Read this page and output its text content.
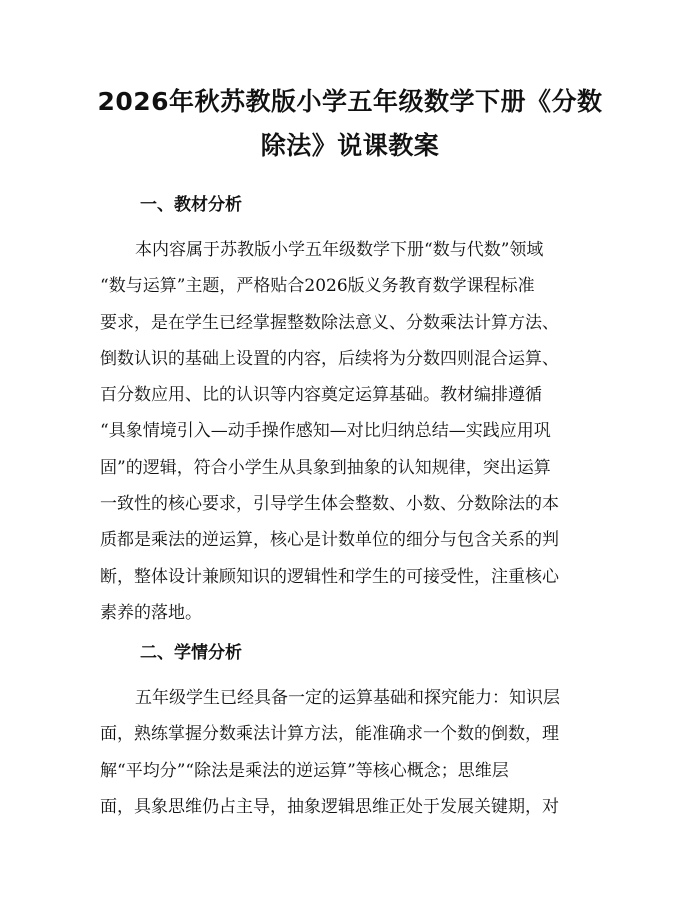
2026年秋苏教版小学五年级数学下册《分数
除法》说课教案
一、教材分析

本内容属于苏教版小学五年级数学下册“数与代数”领域
“数与运算”主题，严格贴合2026版义务教育数学课程标准
要求，是在学生已经掌握整数除法意义、分数乘法计算方法、
倒数认识的基础上设置的内容，后续将为分数四则混合运算、
百分数应用、比的认识等内容奠定运算基础。教材编排遵循
“具象情境引入—动手操作感知—对比归纳总结—实践应用巩
固”的逻辑，符合小学生从具象到抽象的认知规律，突出运算
一致性的核心要求，引导学生体会整数、小数、分数除法的本
质都是乘法的逆运算，核心是计数单位的细分与包含关系的判
断，整体设计兼顾知识的逻辑性和学生的可接受性，注重核心
素养的落地。

二、学情分析

五年级学生已经具备一定的运算基础和探究能力：知识层
面，熟练掌握分数乘法计算方法，能准确求一个数的倒数，理
解“平均分”“除法是乘法的逆运算”等核心概念；思维层
面，具象思维仍占主导，抽象逻辑思维正处于发展关键期，对
